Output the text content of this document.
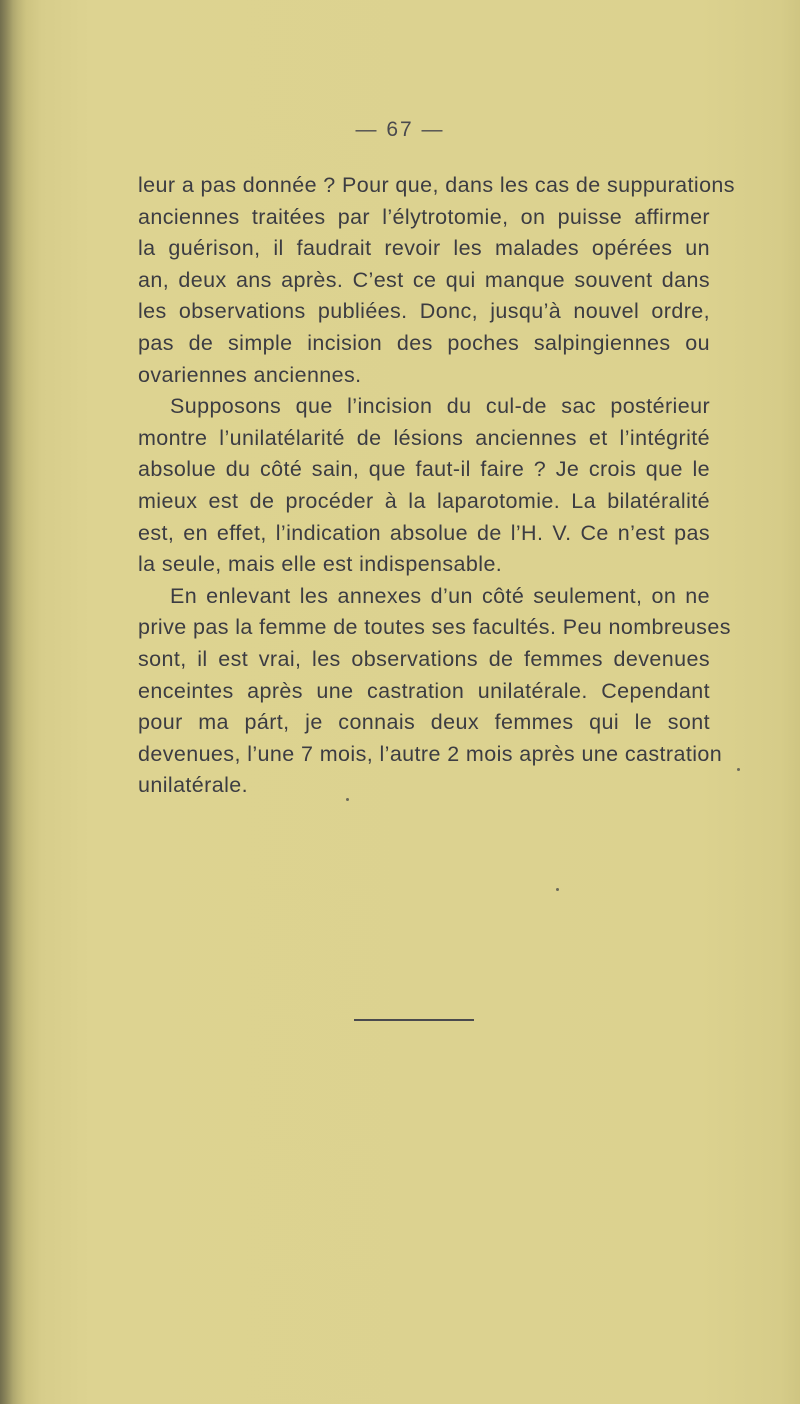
— 67 —
leur a pas donnée ? Pour que, dans les cas de suppurations
anciennes traitées par l’élytrotomie, on puisse affirmer
la guérison, il faudrait revoir les malades opérées un
an, deux ans après. C’est ce qui manque souvent dans
les observations publiées. Donc, jusqu’à nouvel ordre,
pas de simple incision des poches salpingiennes ou
ovariennes anciennes.
Supposons que l’incision du cul-de sac postérieur
montre l’unilatélarité de lésions anciennes et l’intégrité
absolue du côté sain, que faut-il faire ? Je crois que le
mieux est de procéder à la laparotomie. La bilatéralité
est, en effet, l’indication absolue de l’H. V. Ce n’est pas
la seule, mais elle est indispensable.
En enlevant les annexes d’un côté seulement, on ne
prive pas la femme de toutes ses facultés. Peu nombreuses
sont, il est vrai, les observations de femmes devenues
enceintes après une castration unilatérale. Cependant
pour ma párt, je connais deux femmes qui le sont
devenues, l’une 7 mois, l’autre 2 mois après une castration
unilatérale.
